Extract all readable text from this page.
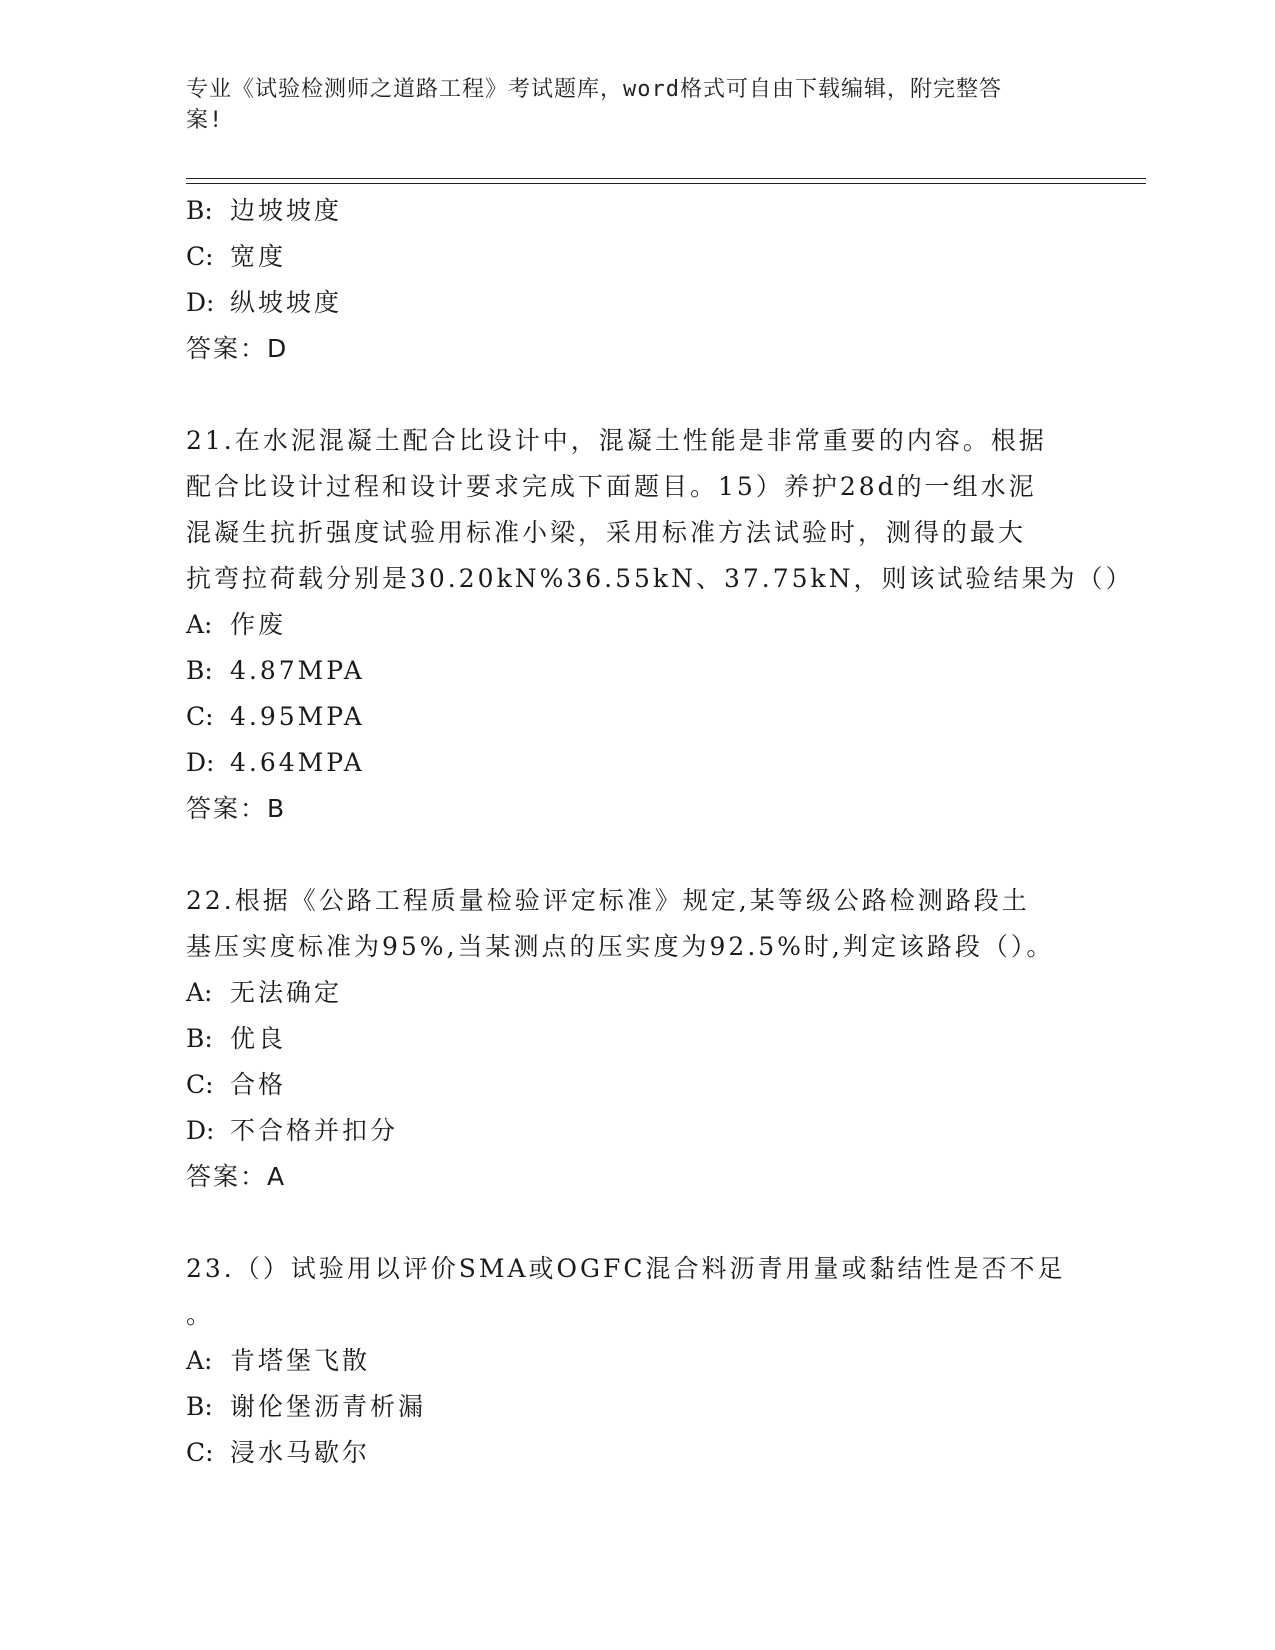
专业《试验检测师之道路工程》考试题库，word格式可自由下载编辑，附完整答
案!
B: 边坡坡度
C: 宽度
D: 纵坡坡度
答案：D
21.在水泥混凝土配合比设计中，混凝土性能是非常重要的内容。根据
配合比设计过程和设计要求完成下面题目。15）养护28d的一组水泥
混凝生抗折强度试验用标准小梁，采用标准方法试验时，测得的最大
抗弯拉荷载分别是30.20kN%36.55kN、37.75kN，则该试验结果为（）
A: 作废
B: 4.87MPA
C: 4.95MPA
D: 4.64MPA
答案：B
22.根据《公路工程质量检验评定标准》规定,某等级公路检测路段土
基压实度标准为95%,当某测点的压实度为92.5%时,判定该路段（）。
A: 无法确定
B: 优良
C: 合格
D: 不合格并扣分
答案：A
23.（）试验用以评价SMA或OGFC混合料沥青用量或黏结性是否不足
。
A: 肯塔堡飞散
B: 谢伦堡沥青析漏
C: 浸水马歇尔
